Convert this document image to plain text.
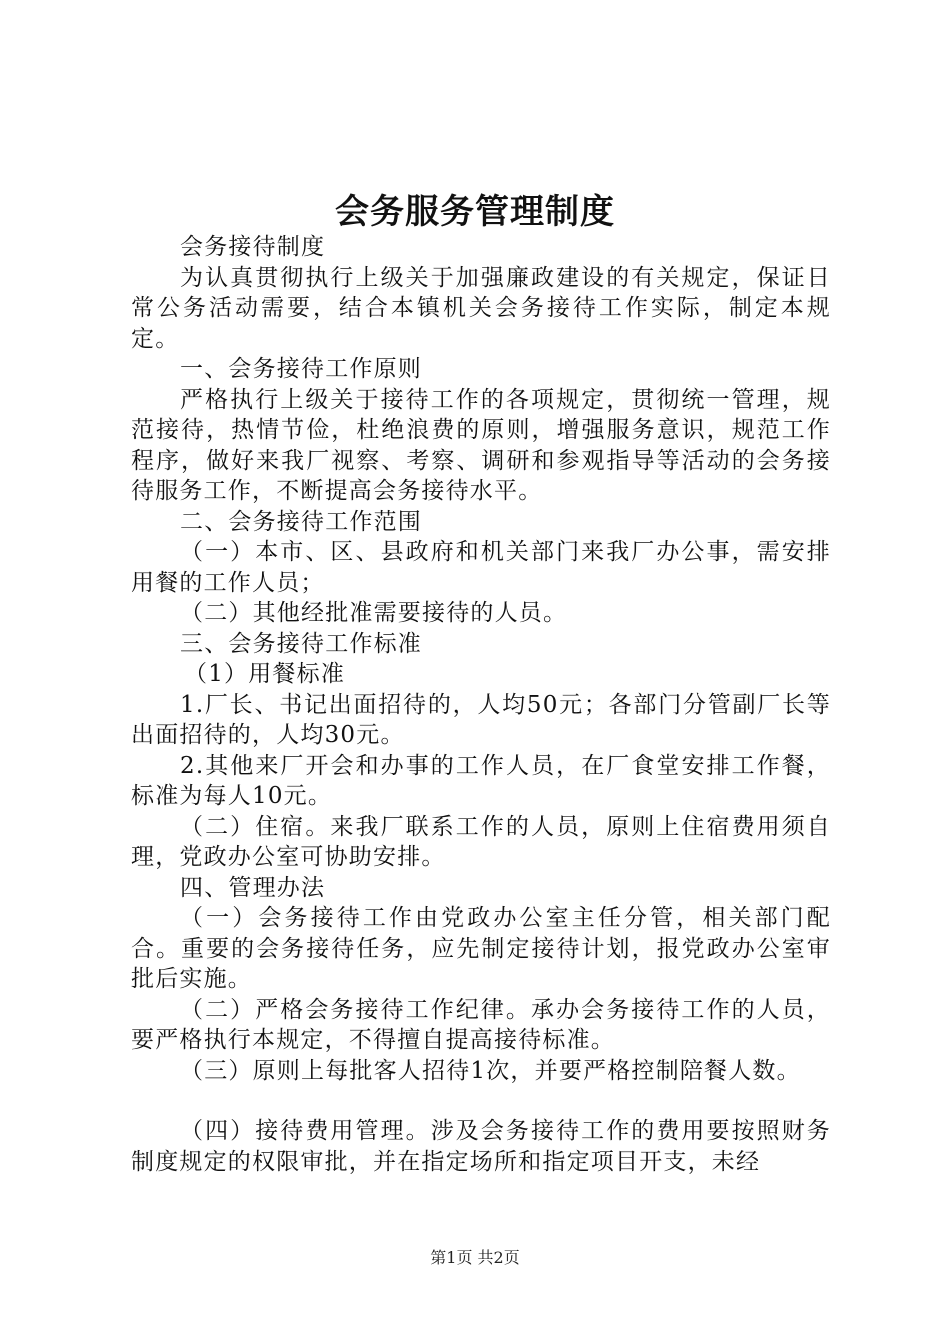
会务服务管理制度

会务接待制度

为认真贯彻执行上级关于加强廉政建设的有关规定，保证日常公务活动需要，结合本镇机关会务接待工作实际，制定本规定。

一、会务接待工作原则

严格执行上级关于接待工作的各项规定，贯彻统一管理，规范接待，热情节俭，杜绝浪费的原则，增强服务意识，规范工作程序，做好来我厂视察、考察、调研和参观指导等活动的会务接待服务工作，不断提高会务接待水平。

二、会务接待工作范围

（一）本市、区、县政府和机关部门来我厂办公事，需安排用餐的工作人员；

（二）其他经批准需要接待的人员。

三、会务接待工作标准

（1）用餐标准

1.厂长、书记出面招待的，人均50元；各部门分管副厂长等出面招待的，人均30元。

2.其他来厂开会和办事的工作人员，在厂食堂安排工作餐，标准为每人10元。

（二）住宿。来我厂联系工作的人员，原则上住宿费用须自理，党政办公室可协助安排。

四、管理办法

（一）会务接待工作由党政办公室主任分管，相关部门配合。重要的会务接待任务，应先制定接待计划，报党政办公室审批后实施。

（二）严格会务接待工作纪律。承办会务接待工作的人员，要严格执行本规定，不得擅自提高接待标准。

（三）原则上每批客人招待1次，并要严格控制陪餐人数。

（四）接待费用管理。涉及会务接待工作的费用要按照财务制度规定的权限审批，并在指定场所和指定项目开支，未经

第1页 共2页
